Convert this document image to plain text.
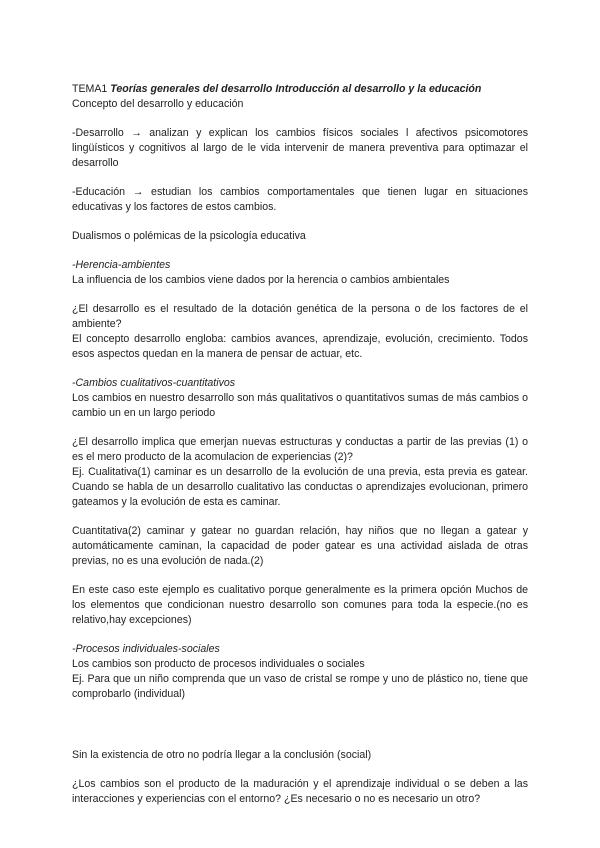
TEMA1 Teorías generales del desarrollo Introducción al desarrollo y la educación

Concepto del desarrollo y educación

-Desarrollo → analizan y explican los cambios físicos sociales l afectivos psicomotores lingüísticos y cognitivos al largo de le vida intervenir de manera preventiva para optimazar el desarrollo

-Educación → estudian los cambios comportamentales que tienen lugar en situaciones educativas y los factores de estos cambios.

Dualismos o polémicas de la psicología educativa

-Herencia-ambientes

La influencia de los cambios viene dados por la herencia o cambios ambientales

¿El desarrollo es el resultado de la dotación genética de la persona o de los factores de el ambiente?

El concepto desarrollo engloba: cambios avances, aprendizaje, evolución, crecimiento. Todos esos aspectos quedan en la manera de pensar de actuar, etc.

-Cambios cualitativos-cuantitativos

Los cambios en nuestro desarrollo son más qualitativos o quantitativos sumas de más cambios o cambio un en un largo periodo

¿El desarrollo implica que emerjan nuevas estructuras y conductas a partir de las previas (1) o es el mero producto de la acomulacion de experiencias (2)?

Ej. Cualitativa(1) caminar es un desarrollo de la evolución de una previa, esta previa es gatear. Cuando se habla de un desarrollo cualitativo las conductas o aprendizajes evolucionan, primero gateamos y la evolución de esta es caminar.

Cuantitativa(2) caminar y gatear no guardan relación, hay niños que no llegan a gatear y automáticamente caminan, la capacidad de poder gatear es una actividad aislada de otras previas, no es una evolución de nada.(2)

En este caso este ejemplo es cualitativo porque generalmente es la primera opción Muchos de los elementos que condicionan nuestro desarrollo son comunes para toda la especie.(no es relativo,hay excepciones)

-Procesos individuales-sociales

Los cambios son producto de procesos individuales o sociales

Ej. Para que un niño comprenda que un vaso de cristal se rompe y uno de plástico no, tiene que comprobarlo (individual)

Sin la existencia de otro no podría llegar a la conclusión (social)

¿Los cambios son el producto de la maduración y el aprendizaje individual o se deben a las interacciones y experiencias con el entorno? ¿Es necesario o no es necesario un otro?
